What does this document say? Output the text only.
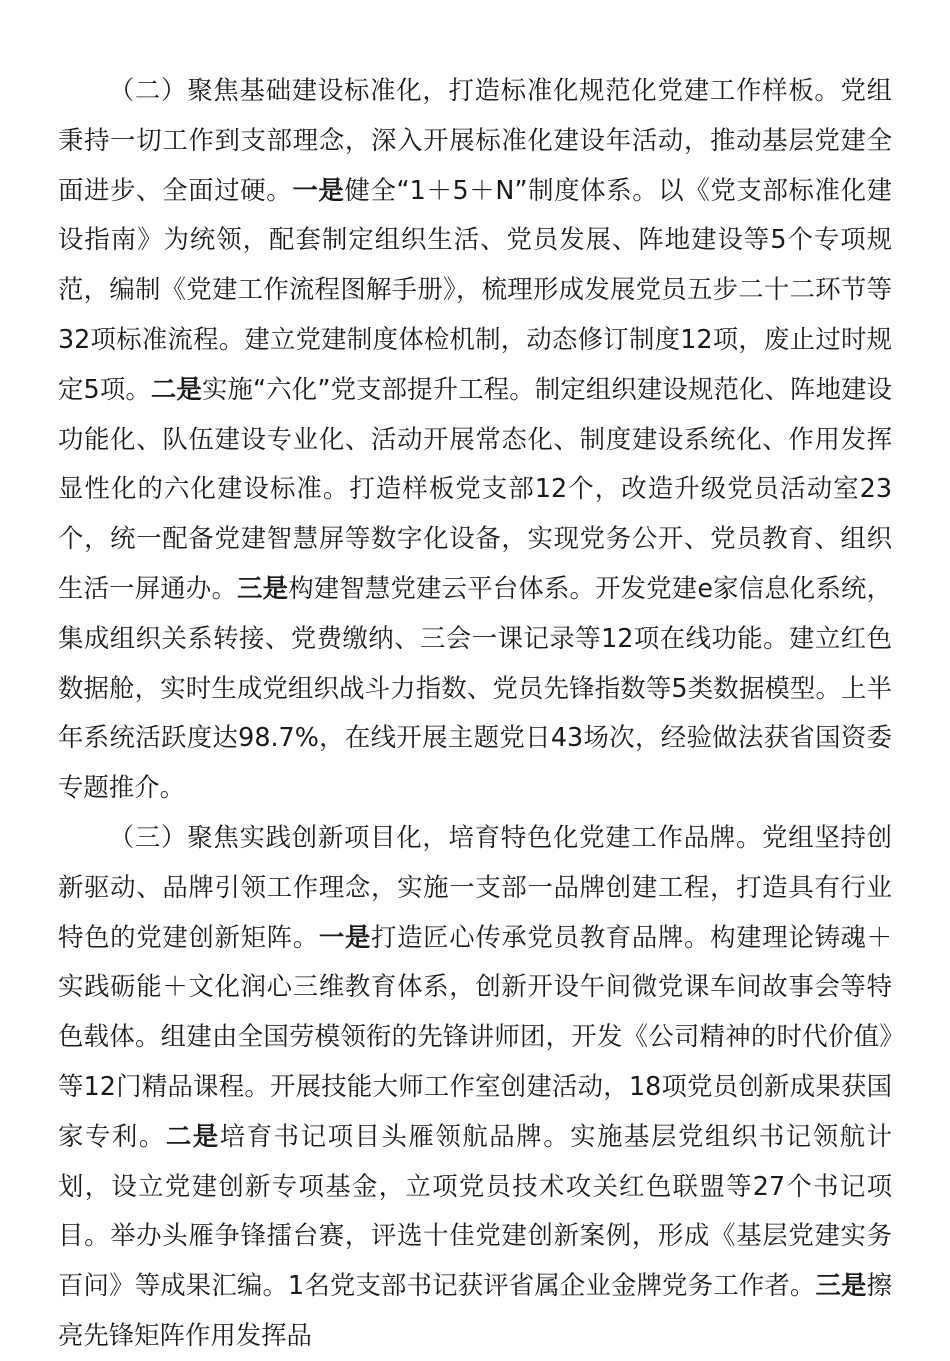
（二）聚焦基础建设标准化，打造标准化规范化党建工作样板。党组秉持一切工作到支部理念，深入开展标准化建设年活动，推动基层党建全面进步、全面过硬。一是健全“1＋5＋N”制度体系。以《党支部标准化建设指南》为统领，配套制定组织生活、党员发展、阵地建设等5个专项规范，编制《党建工作流程图解手册》，梳理形成发展党员五步二十二环节等32项标准流程。建立党建制度体检机制，动态修订制度12项，废止过时规定5项。二是实施“六化”党支部提升工程。制定组织建设规范化、阵地建设功能化、队伍建设专业化、活动开展常态化、制度建设系统化、作用发挥显性化的六化建设标准。打造样板党支部12个，改造升级党员活动室23个，统一配备党建智慧屏等数字化设备，实现党务公开、党员教育、组织生活一屏通办。三是构建智慧党建云平台体系。开发党建e家信息化系统，集成组织关系转接、党费缴纳、三会一课记录等12项在线功能。建立红色数据舱，实时生成党组织战斗力指数、党员先锋指数等5类数据模型。上半年系统活跃度达98.7%，在线开展主题党日43场次，经验做法获省国资委专题推介。

（三）聚焦实践创新项目化，培育特色化党建工作品牌。党组坚持创新驱动、品牌引领工作理念，实施一支部一品牌创建工程，打造具有行业特色的党建创新矩阵。一是打造匠心传承党员教育品牌。构建理论铸魂＋实践砺能＋文化润心三维教育体系，创新开设午间微党课车间故事会等特色载体。组建由全国劳模领衔的先锋讲师团，开发《公司精神的时代价值》等12门精品课程。开展技能大师工作室创建活动，18项党员创新成果获国家专利。二是培育书记项目头雁领航品牌。实施基层党组织书记领航计划，设立党建创新专项基金，立项党员技术攻关红色联盟等27个书记项目。举办头雁争锋擂台赛，评选十佳党建创新案例，形成《基层党建实务百问》等成果汇编。1名党支部书记获评省属企业金牌党务工作者。三是擦亮先锋矩阵作用发挥品
